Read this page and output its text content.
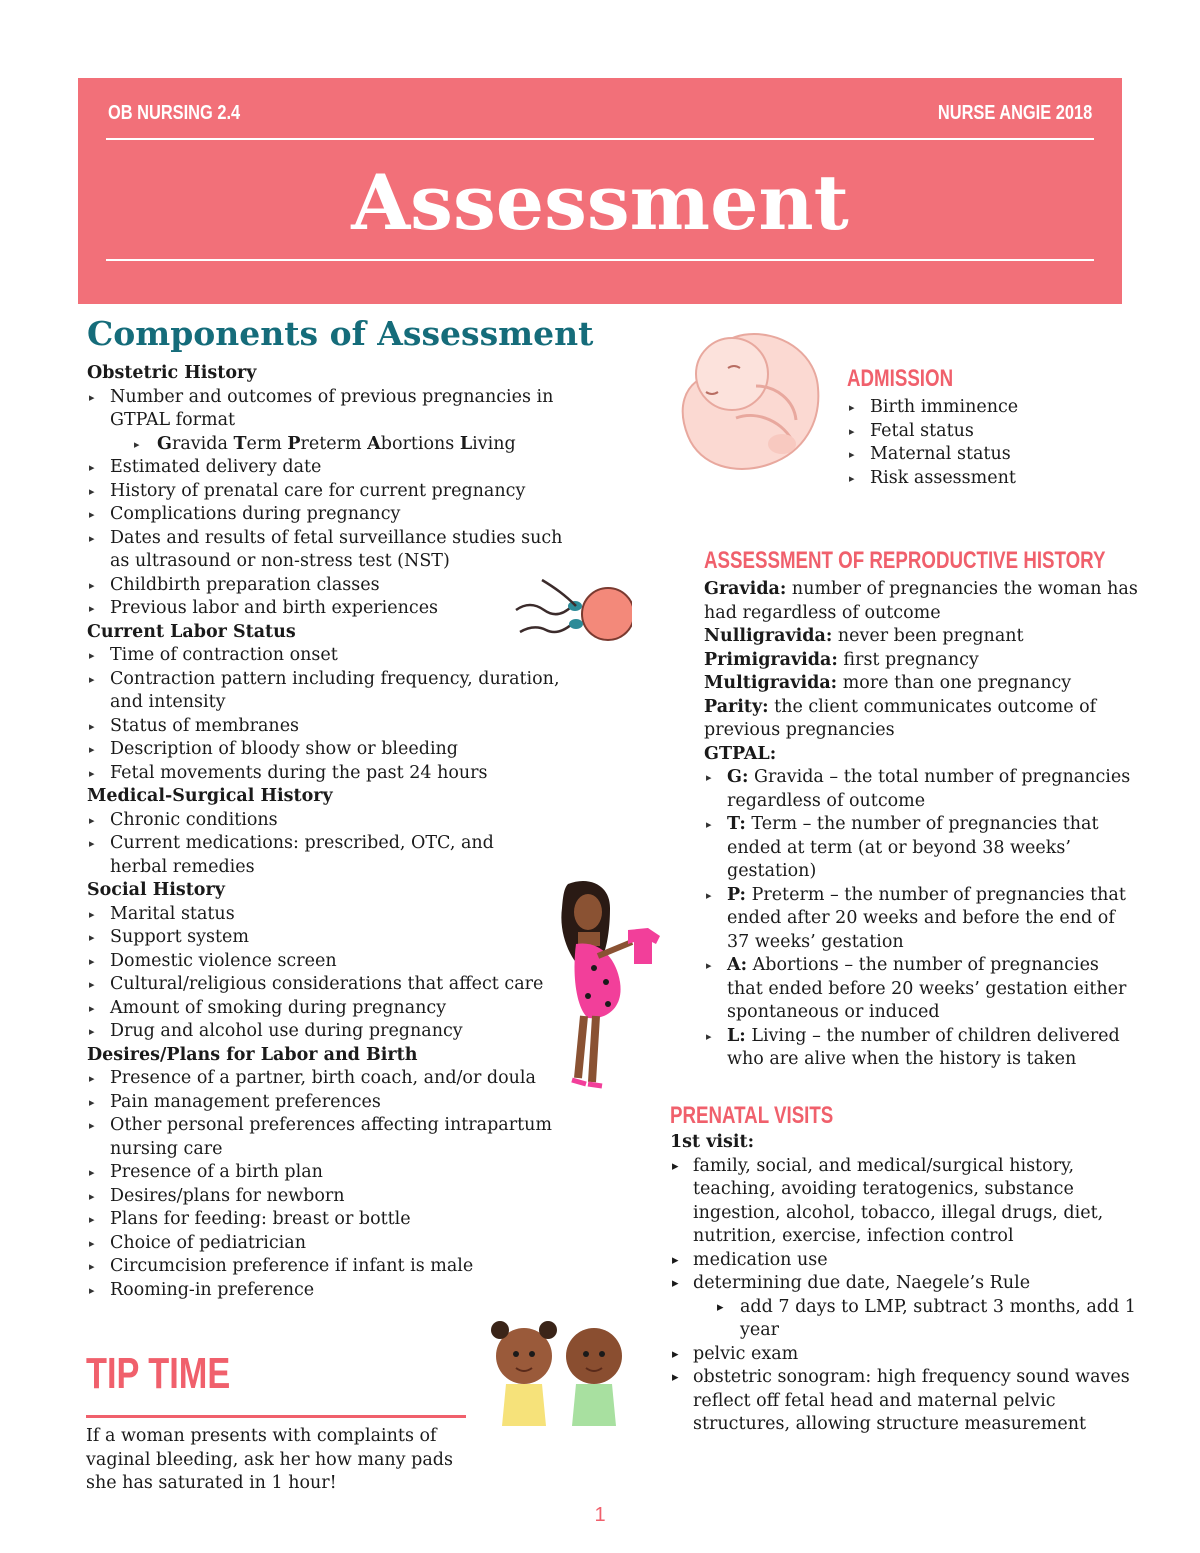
OB NURSING 2.4	NURSE ANGIE 2018
Assessment
Components of Assessment
Obstetric History
▸ Number and outcomes of previous pregnancies in GTPAL format
▸ Gravida Term Preterm Abortions Living
▸ Estimated delivery date
▸ History of prenatal care for current pregnancy
▸ Complications during pregnancy
▸ Dates and results of fetal surveillance studies such as ultrasound or non-stress test (NST)
▸ Childbirth preparation classes
▸ Previous labor and birth experiences
Current Labor Status
▸ Time of contraction onset
▸ Contraction pattern including frequency, duration, and intensity
▸ Status of membranes
▸ Description of bloody show or bleeding
▸ Fetal movements during the past 24 hours
Medical-Surgical History
▸ Chronic conditions
▸ Current medications: prescribed, OTC, and herbal remedies
Social History
▸ Marital status
▸ Support system
▸ Domestic violence screen
▸ Cultural/religious considerations that affect care
▸ Amount of smoking during pregnancy
▸ Drug and alcohol use during pregnancy
Desires/Plans for Labor and Birth
▸ Presence of a partner, birth coach, and/or doula
▸ Pain management preferences
▸ Other personal preferences affecting intrapartum nursing care
▸ Presence of a birth plan
▸ Desires/plans for newborn
▸ Plans for feeding: breast or bottle
▸ Choice of pediatrician
▸ Circumcision preference if infant is male
▸ Rooming-in preference
TIP TIME
If a woman presents with complaints of vaginal bleeding, ask her how many pads she has saturated in 1 hour!
ADMISSION
▸ Birth imminence
▸ Fetal status
▸ Maternal status
▸ Risk assessment
ASSESSMENT OF REPRODUCTIVE HISTORY
Gravida: number of pregnancies the woman has had regardless of outcome
Nulligravida: never been pregnant
Primigravida: first pregnancy
Multigravida: more than one pregnancy
Parity: the client communicates outcome of previous pregnancies
GTPAL:
▸ G: Gravida – the total number of pregnancies regardless of outcome
▸ T: Term – the number of pregnancies that ended at term (at or beyond 38 weeks’ gestation)
▸ P: Preterm – the number of pregnancies that ended after 20 weeks and before the end of 37 weeks’ gestation
▸ A: Abortions – the number of pregnancies that ended before 20 weeks’ gestation either spontaneous or induced
▸ L: Living – the number of children delivered who are alive when the history is taken
PRENATAL VISITS
1st visit:
▸ family, social, and medical/surgical history, teaching, avoiding teratogenics, substance ingestion, alcohol, tobacco, illegal drugs, diet, nutrition, exercise, infection control
▸ medication use
▸ determining due date, Naegele’s Rule
▸ add 7 days to LMP, subtract 3 months, add 1 year
▸ pelvic exam
▸ obstetric sonogram: high frequency sound waves reflect off fetal head and maternal pelvic structures, allowing structure measurement
1
